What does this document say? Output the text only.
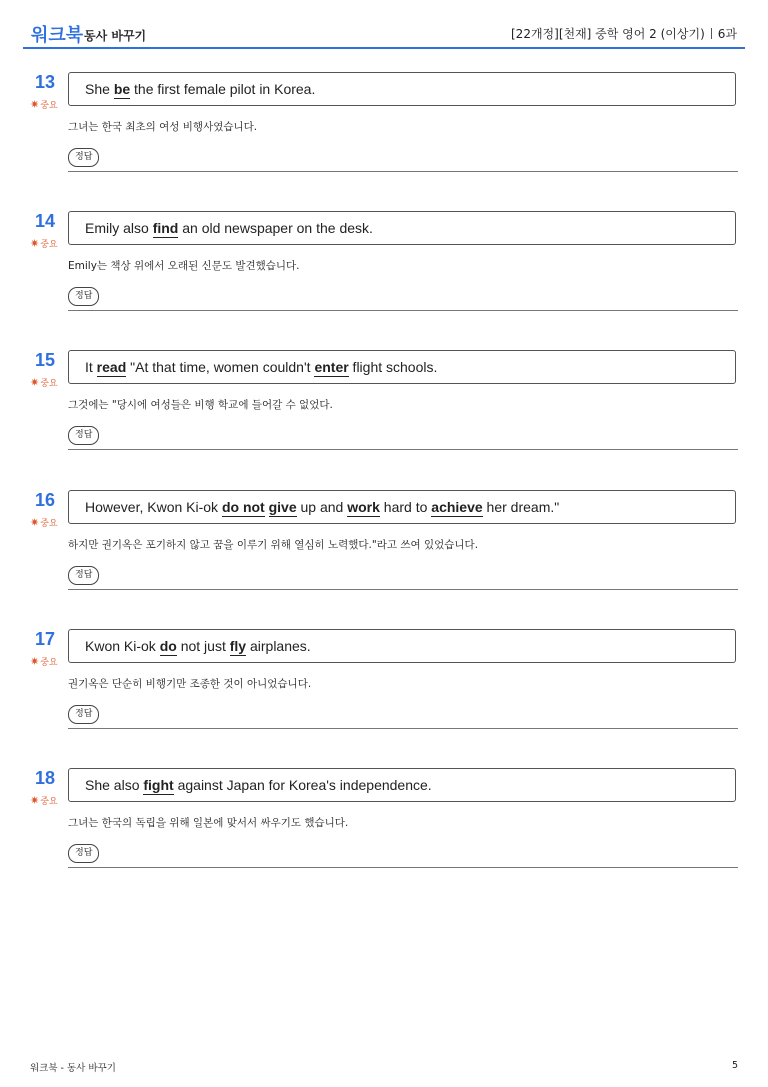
워크북 동사 바꾸기	[22개정][천재] 중학 영어 2 (이상기) 6과
13
✷중요
She be the first female pilot in Korea.
그녀는 한국 최초의 여성 비행사였습니다.
정답
14
✷중요
Emily also find an old newspaper on the desk.
Emily는 책상 위에서 오래된 신문도 발견했습니다.
정답
15
✷중요
It read "At that time, women couldn't enter flight schools.
그것에는 "당시에 여성들은 비행 학교에 들어갈 수 없었다.
정답
16
✷중요
However, Kwon Ki-ok do not give up and work hard to achieve her dream."
하지만 권기옥은 포기하지 않고 꿈을 이루기 위해 열심히 노력했다."라고 쓰여 있었습니다.
정답
17
✷중요
Kwon Ki-ok do not just fly airplanes.
권기옥은 단순히 비행기만 조종한 것이 아니었습니다.
정답
18
✷중요
She also fight against Japan for Korea's independence.
그녀는 한국의 독립을 위해 일본에 맞서서 싸우기도 했습니다.
정답
워크북 - 동사 바꾸기	5
